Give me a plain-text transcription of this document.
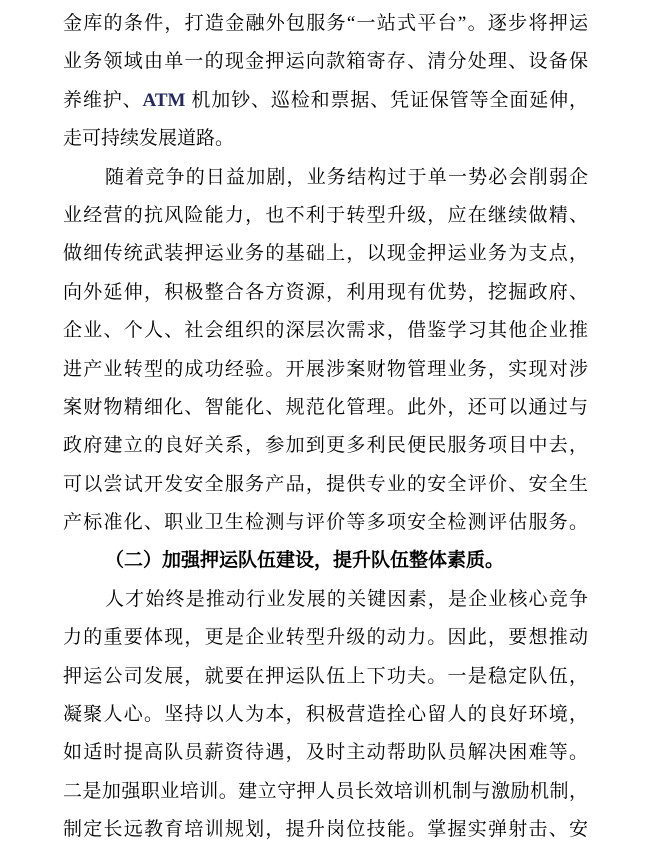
金库的条件，打造金融外包服务“一站式平台”。逐步将押运
业务领域由单一的现金押运向款箱寄存、清分处理、设备保
养维护、ATM 机加钞、巡检和票据、凭证保管等全面延伸，
走可持续发展道路。
随着竞争的日益加剧，业务结构过于单一势必会削弱企
业经营的抗风险能力，也不利于转型升级，应在继续做精、
做细传统武装押运业务的基础上，以现金押运业务为支点，
向外延伸，积极整合各方资源，利用现有优势，挖掘政府、
企业、个人、社会组织的深层次需求，借鉴学习其他企业推
进产业转型的成功经验。开展涉案财物管理业务，实现对涉
案财物精细化、智能化、规范化管理。此外，还可以通过与
政府建立的良好关系，参加到更多利民便民服务项目中去，
可以尝试开发安全服务产品，提供专业的安全评价、安全生
产标准化、职业卫生检测与评价等多项安全检测评估服务。
（二）加强押运队伍建设，提升队伍整体素质。
人才始终是推动行业发展的关键因素，是企业核心竞争
力的重要体现，更是企业转型升级的动力。因此，要想推动
押运公司发展，就要在押运队伍上下功夫。一是稳定队伍，
凝聚人心。坚持以人为本，积极营造拴心留人的良好环境，
如适时提高队员薪资待遇，及时主动帮助队员解决困难等。
二是加强职业培训。建立守押人员长效培训机制与激励机制，
制定长远教育培训规划，提升岗位技能。掌握实弹射击、安
